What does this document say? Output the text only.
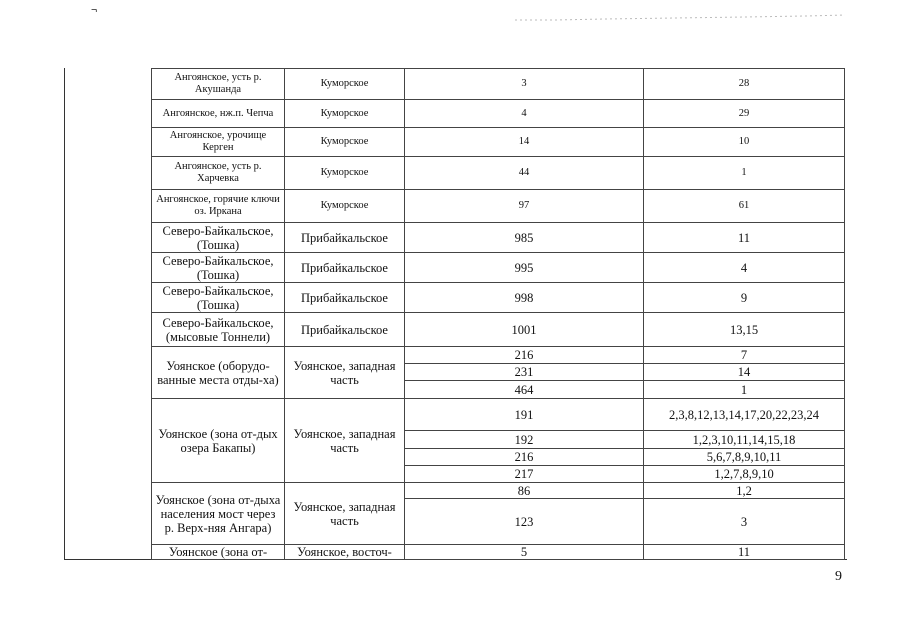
¬
Ангоянское, усть р. Акушанда	Куморское	3	28
Ангоянское, нж.п. Чепча	Куморское	4	29
Ангоянское, урочище Керген	Куморское	14	10
Ангоянское, усть р. Харчевка	Куморское	44	1
Ангоянское, горячие ключи оз. Иркана	Куморское	97	61
Северо-Байкальское, (Тошка)	Прибайкальское	985	11
Северо-Байкальское, (Тошка)	Прибайкальское	995	4
Северо-Байкальское, (Тошка)	Прибайкальское	998	9
Северо-Байкальское, (мысовые Тоннели)	Прибайкальское	1001	13,15
Уоянское (оборудо-ванные места отды-ха)	Уоянское, западная часть	216	7
		231	14
		464	1
Уоянское (зона от-дых озера Бакапы)	Уоянское, западная часть	191	2,3,8,12,13,14,17,20,22,23,24
		192	1,2,3,10,11,14,15,18
		216	5,6,7,8,9,10,11
		217	1,2,7,8,9,10
Уоянское (зона от-дыха населения мост через р. Верх-няя Ангара)	Уоянское, западная часть	86	1,2
		123	3
Уоянское (зона от-	Уоянское, восточ-	5	11
9
